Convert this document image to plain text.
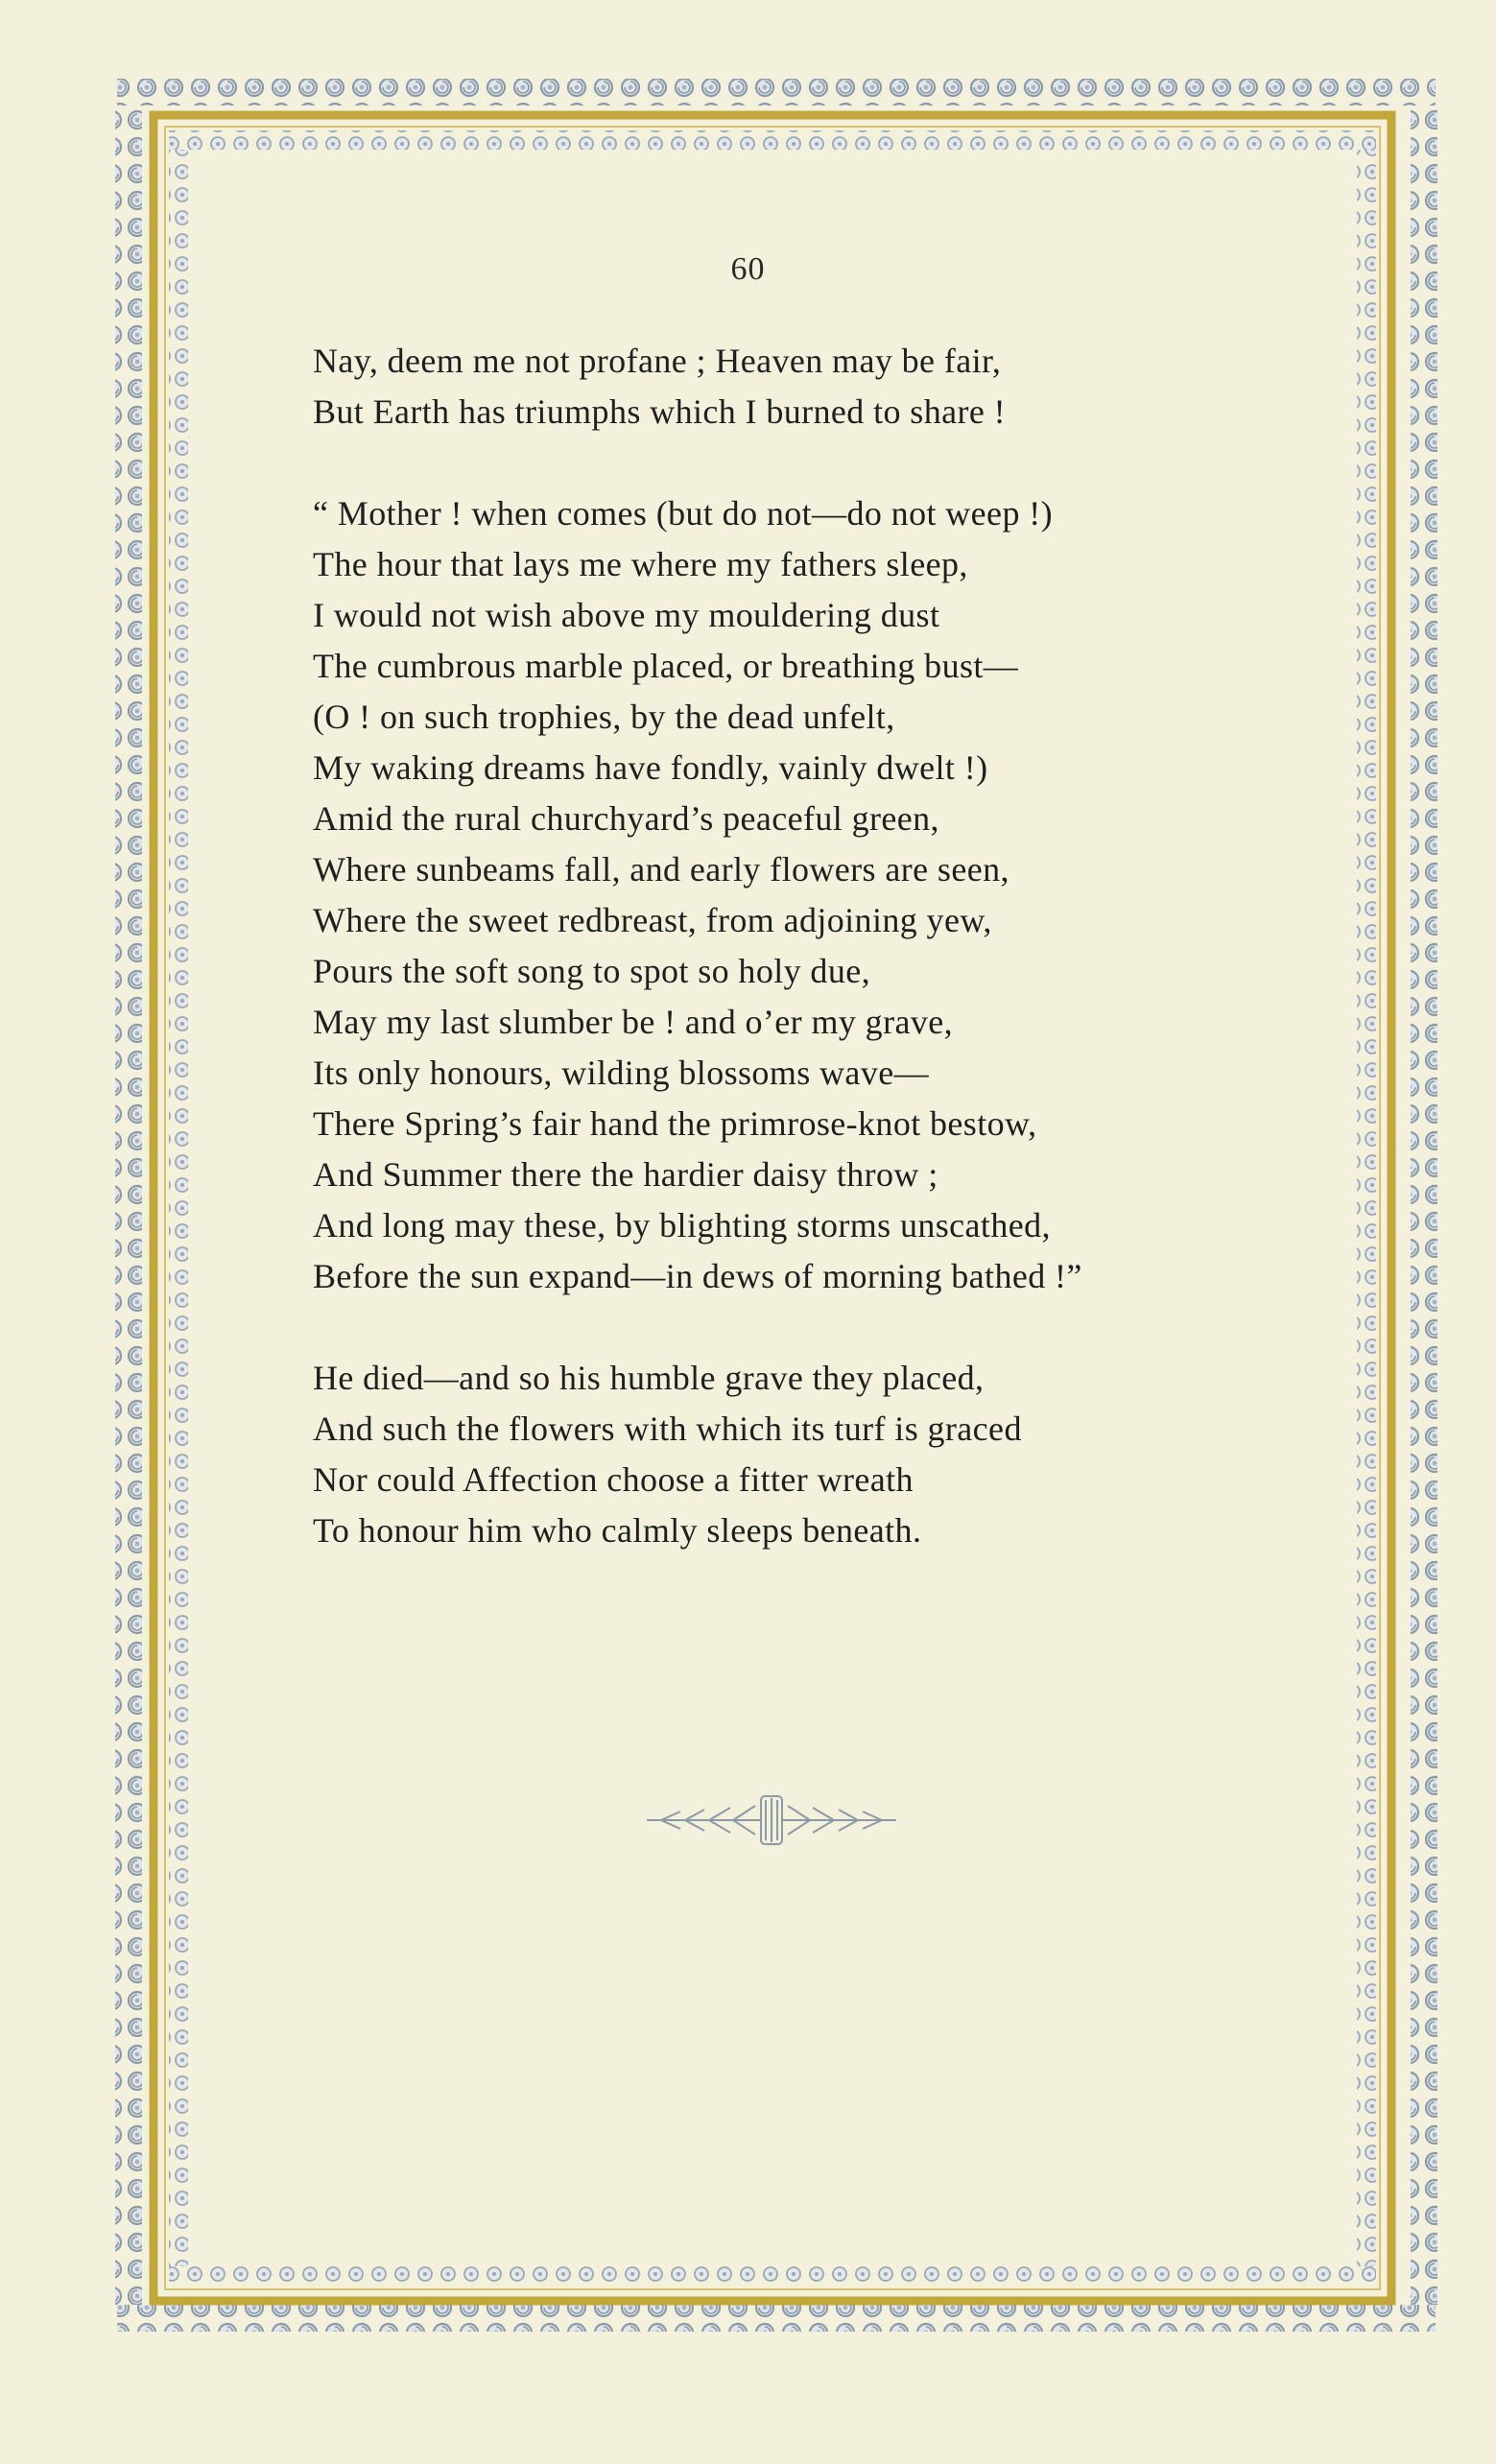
60
Nay, deem me not profane ; Heaven may be fair,
But Earth has triumphs which I burned to share !
“ Mother ! when comes (but do not—do not weep !)
The hour that lays me where my fathers sleep,
I would not wish above my mouldering dust
The cumbrous marble placed, or breathing bust—
(O ! on such trophies, by the dead unfelt,
My waking dreams have fondly, vainly dwelt !)
Amid the rural churchyard’s peaceful green,
Where sunbeams fall, and early flowers are seen,
Where the sweet redbreast, from adjoining yew,
Pours the soft song to spot so holy due,
May my last slumber be ! and o’er my grave,
Its only honours, wilding blossoms wave—
There Spring’s fair hand the primrose-knot bestow,
And Summer there the hardier daisy throw ;
And long may these, by blighting storms unscathed,
Before the sun expand—in dews of morning bathed !”
He died—and so his humble grave they placed,
And such the flowers with which its turf is graced
Nor could Affection choose a fitter wreath
To honour him who calmly sleeps beneath.
